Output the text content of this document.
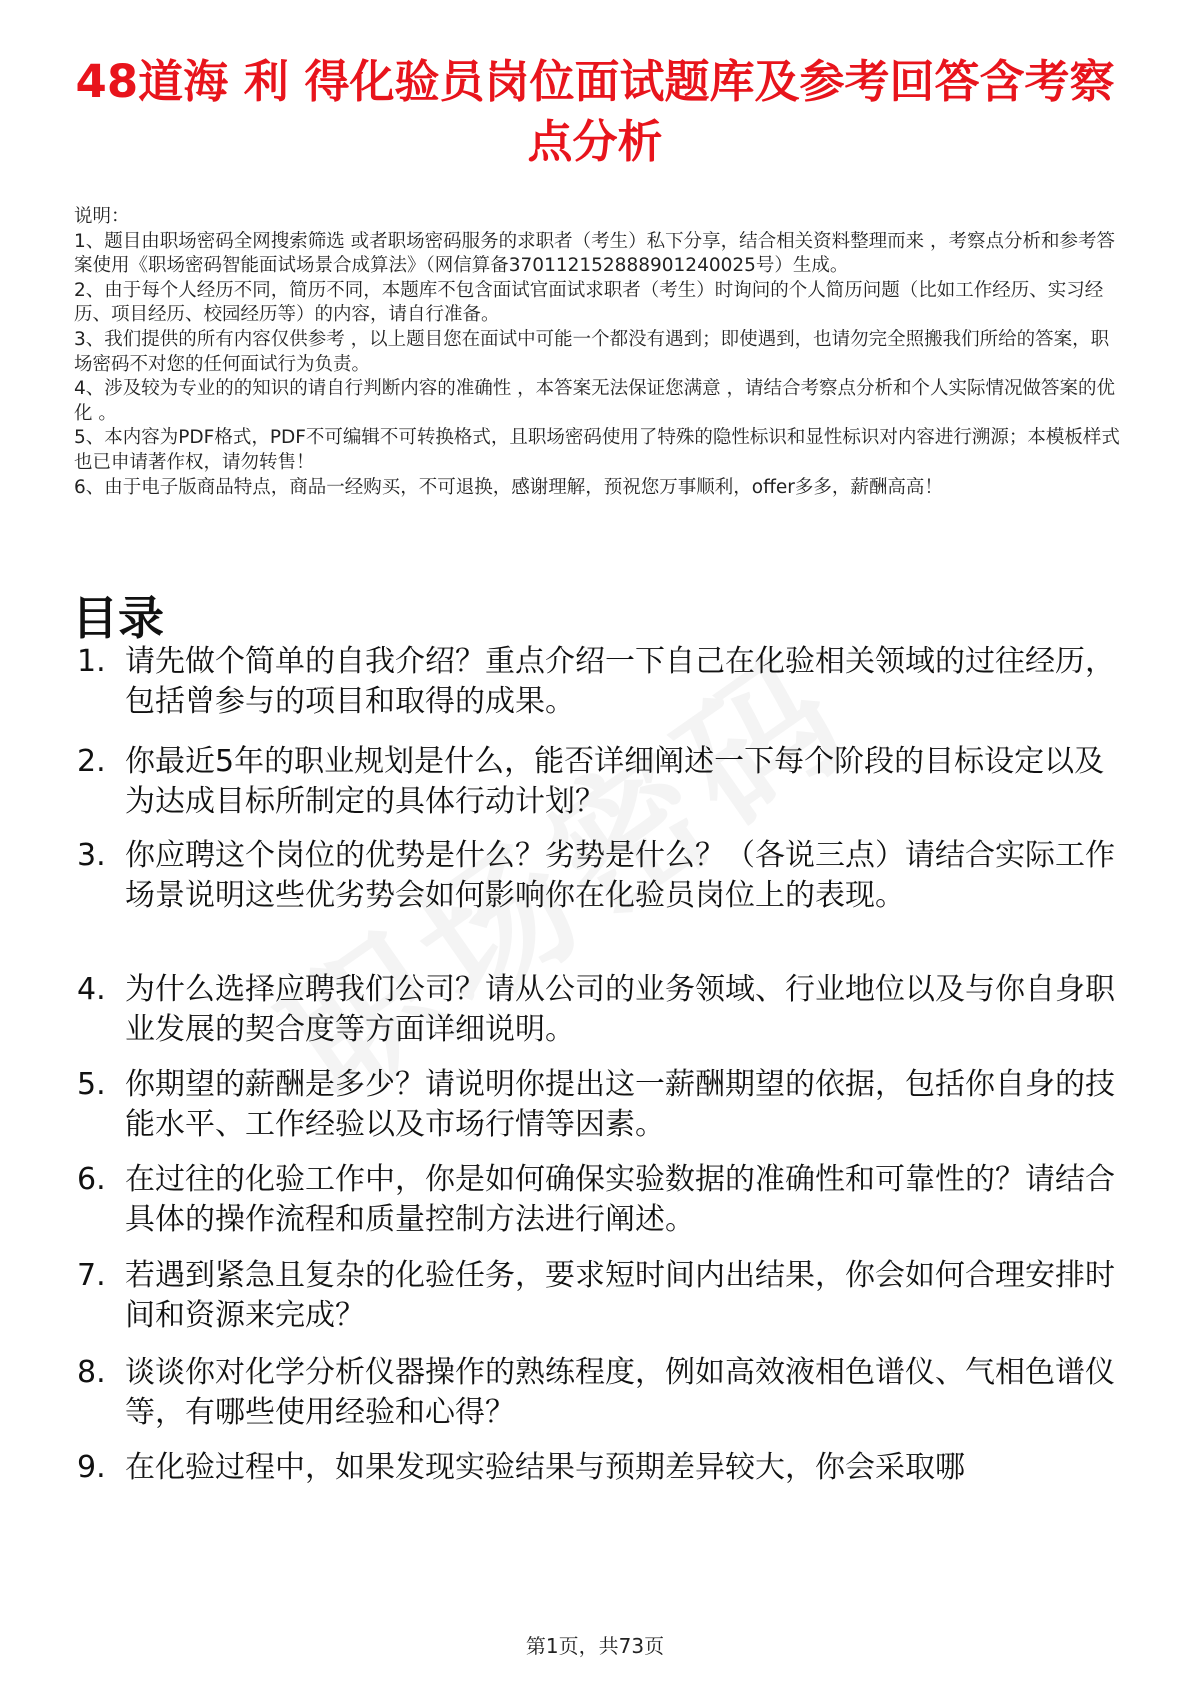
48道海 利 得化验员岗位面试题库及参考回答含考察点分析

说明：

1、题目由职场密码全网搜索筛选 或者职场密码服务的求职者（考生）私下分享，结合相关资料整理而来 ，考察点分析和参考答案使用《职场密码智能面试场景合成算法》（网信算备370112152888901240025号）生成。

2、由于每个人经历不同，简历不同，本题库不包含面试官面试求职者（考生）时询问的个人简历问题（比如工作经历、实习经历、项目经历、校园经历等）的内容，请自行准备。

3、我们提供的所有内容仅供参考 ，以上题目您在面试中可能一个都没有遇到；即使遇到，也请勿完全照搬我们所给的答案，职场密码不对您的任何面试行为负责。

4、涉及较为专业的的知识的请自行判断内容的准确性 ，本答案无法保证您满意 ，请结合考察点分析和个人实际情况做答案的优化 。

5、本内容为PDF格式，PDF不可编辑不可转换格式，且职场密码使用了特殊的隐性标识和显性标识对内容进行溯源；本模板样式也已申请著作权，请勿转售！

6、由于电子版商品特点，商品一经购买，不可退换，感谢理解，预祝您万事顺利，offer多多，薪酬高高！

目录
1. 请先做个简单的自我介绍？重点介绍一下自己在化验相关领域的过往经历，包括曾参与的项目和取得的成果。
2. 你最近5年的职业规划是什么，能否详细阐述一下每个阶段的目标设定以及为达成目标所制定的具体行动计划？
3. 你应聘这个岗位的优势是什么？劣势是什么？（各说三点）请结合实际工作场景说明这些优劣势会如何影响你在化验员岗位上的表现。
4. 为什么选择应聘我们公司？请从公司的业务领域、行业地位以及与你自身职业发展的契合度等方面详细说明。
5. 你期望的薪酬是多少？请说明你提出这一薪酬期望的依据，包括你自身的技能水平、工作经验以及市场行情等因素。
6. 在过往的化验工作中，你是如何确保实验数据的准确性和可靠性的？请结合具体的操作流程和质量控制方法进行阐述。
7. 若遇到紧急且复杂的化验任务，要求短时间内出结果，你会如何合理安排时间和资源来完成？
8. 谈谈你对化学分析仪器操作的熟练程度，例如高效液相色谱仪、气相色谱仪等，有哪些使用经验和心得？
9. 在化验过程中，如果发现实验结果与预期差异较大，你会采取哪
第1页，共73页
